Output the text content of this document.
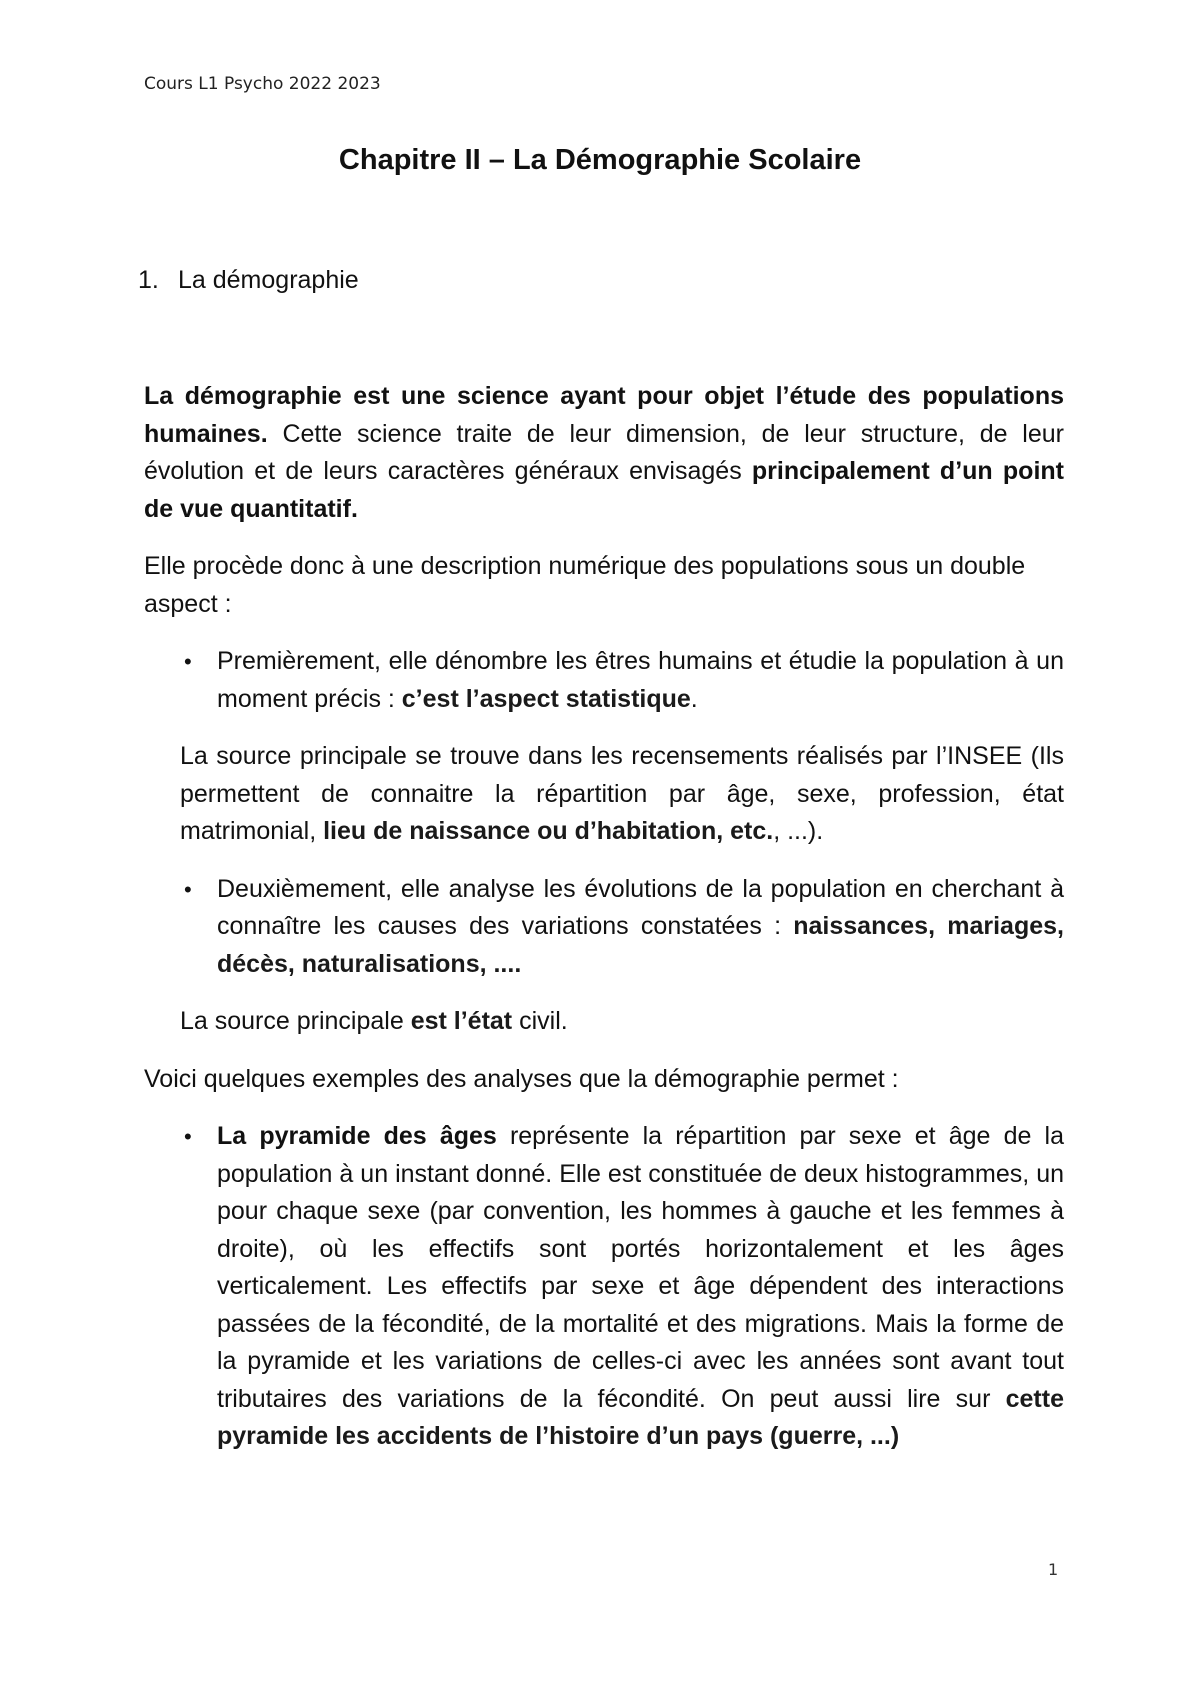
Cours L1 Psycho 2022 2023
Chapitre II – La Démographie Scolaire
1. La démographie

La démographie est une science ayant pour objet l’étude des populations humaines. Cette science traite de leur dimension, de leur structure, de leur évolution et de leurs caractères généraux envisagés principalement d’un point de vue quantitatif.

Elle procède donc à une description numérique des populations sous un double aspect :

• Premièrement, elle dénombre les êtres humains et étudie la population à un moment précis : c’est l’aspect statistique.
La source principale se trouve dans les recensements réalisés par l’INSEE (Ils permettent de connaitre la répartition par âge, sexe, profession, état matrimonial, lieu de naissance ou d’habitation, etc., ...).
• Deuxièmement, elle analyse les évolutions de la population en cherchant à connaître les causes des variations constatées : naissances, mariages, décès, naturalisations, ....
La source principale est l’état civil.

Voici quelques exemples des analyses que la démographie permet :

• La pyramide des âges représente la répartition par sexe et âge de la population à un instant donné. Elle est constituée de deux histogrammes, un pour chaque sexe (par convention, les hommes à gauche et les femmes à droite), où les effectifs sont portés horizontalement et les âges verticalement. Les effectifs par sexe et âge dépendent des interactions passées de la fécondité, de la mortalité et des migrations. Mais la forme de la pyramide et les variations de celles-ci avec les années sont avant tout tributaires des variations de la fécondité. On peut aussi lire sur cette pyramide les accidents de l’histoire d’un pays (guerre, ...)
1
